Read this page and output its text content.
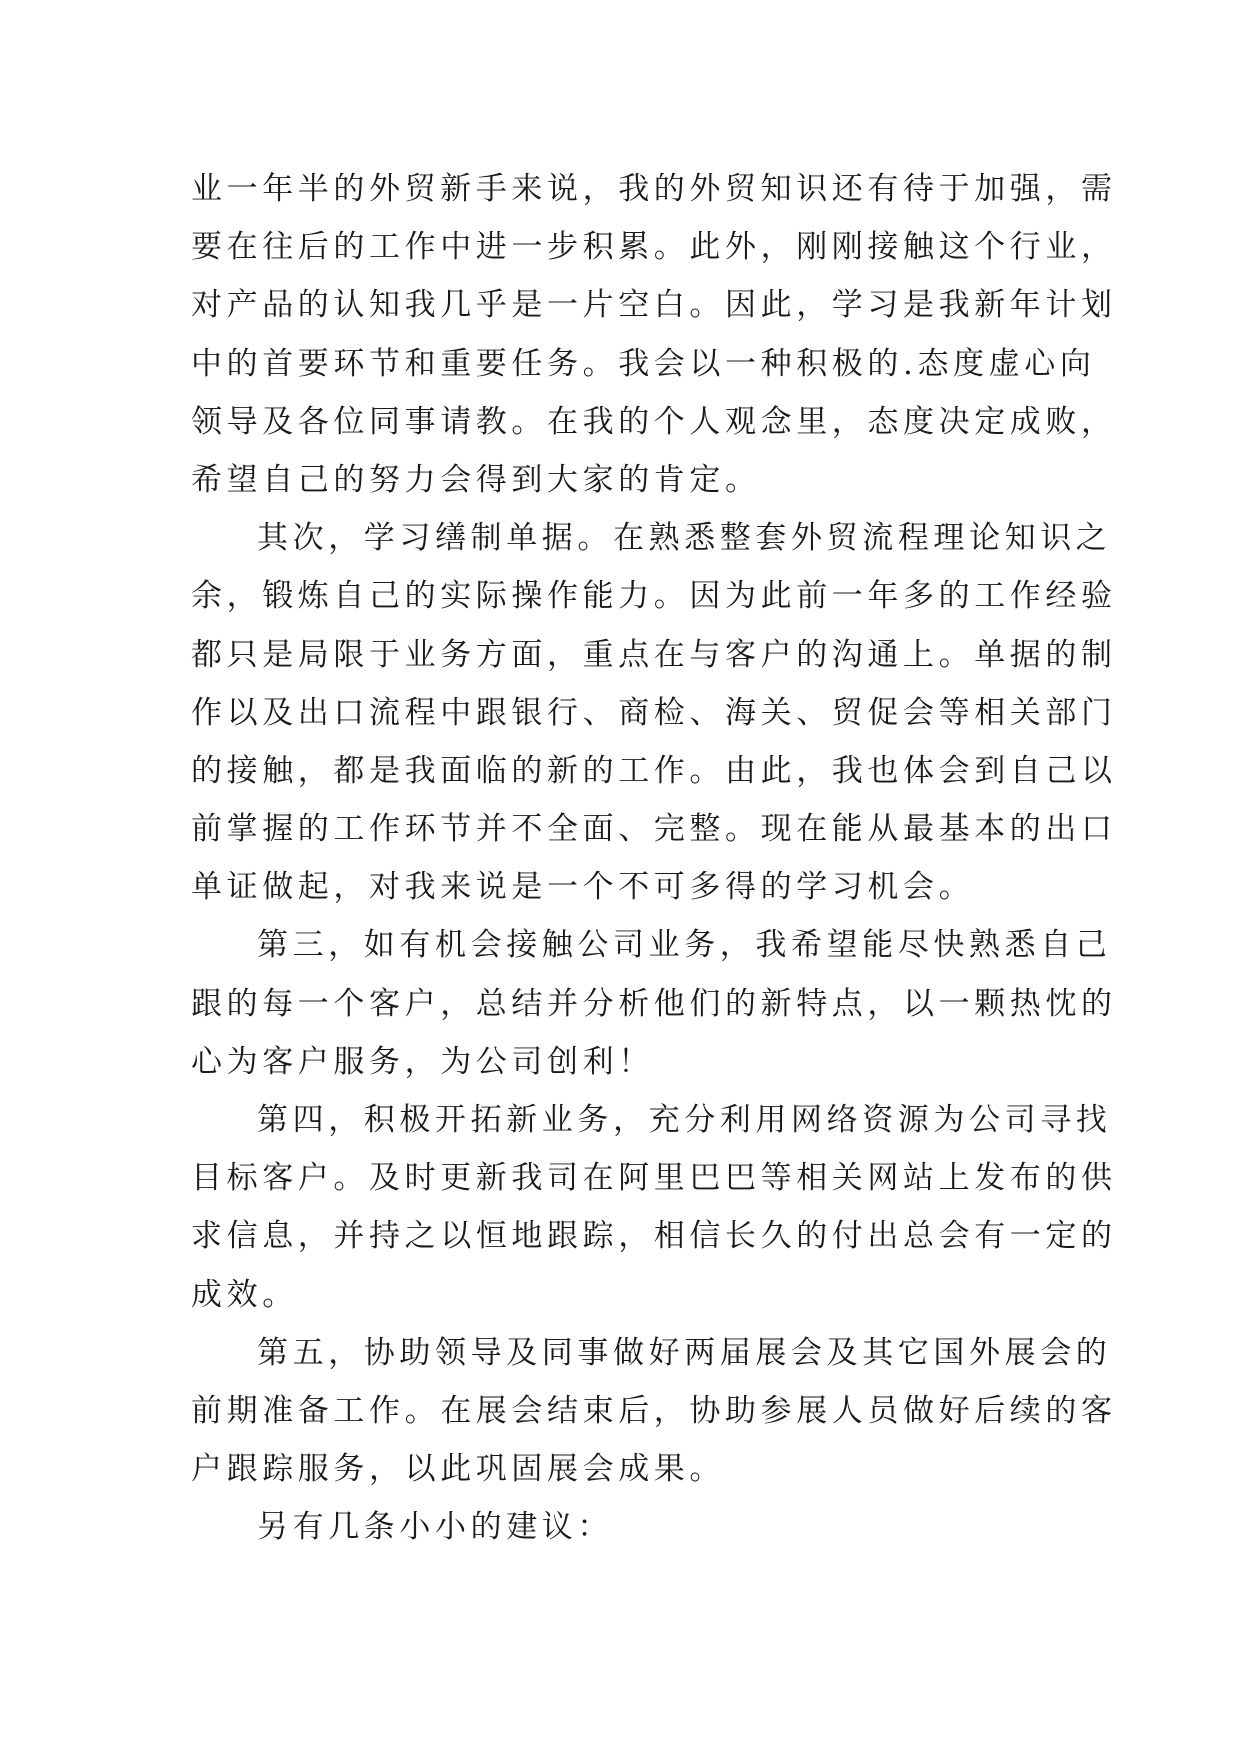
业一年半的外贸新手来说，我的外贸知识还有待于加强，需
要在往后的工作中进一步积累。此外，刚刚接触这个行业，
对产品的认知我几乎是一片空白。因此，学习是我新年计划
中的首要环节和重要任务。我会以一种积极的.态度虚心向
领导及各位同事请教。在我的个人观念里，态度决定成败，
希望自己的努力会得到大家的肯定。
其次，学习缮制单据。在熟悉整套外贸流程理论知识之
余，锻炼自己的实际操作能力。因为此前一年多的工作经验
都只是局限于业务方面，重点在与客户的沟通上。单据的制
作以及出口流程中跟银行、商检、海关、贸促会等相关部门
的接触，都是我面临的新的工作。由此，我也体会到自己以
前掌握的工作环节并不全面、完整。现在能从最基本的出口
单证做起，对我来说是一个不可多得的学习机会。
第三，如有机会接触公司业务，我希望能尽快熟悉自己
跟的每一个客户，总结并分析他们的新特点，以一颗热忱的
心为客户服务，为公司创利！
第四，积极开拓新业务，充分利用网络资源为公司寻找
目标客户。及时更新我司在阿里巴巴等相关网站上发布的供
求信息，并持之以恒地跟踪，相信长久的付出总会有一定的
成效。
第五，协助领导及同事做好两届展会及其它国外展会的
前期准备工作。在展会结束后，协助参展人员做好后续的客
户跟踪服务，以此巩固展会成果。
另有几条小小的建议：
